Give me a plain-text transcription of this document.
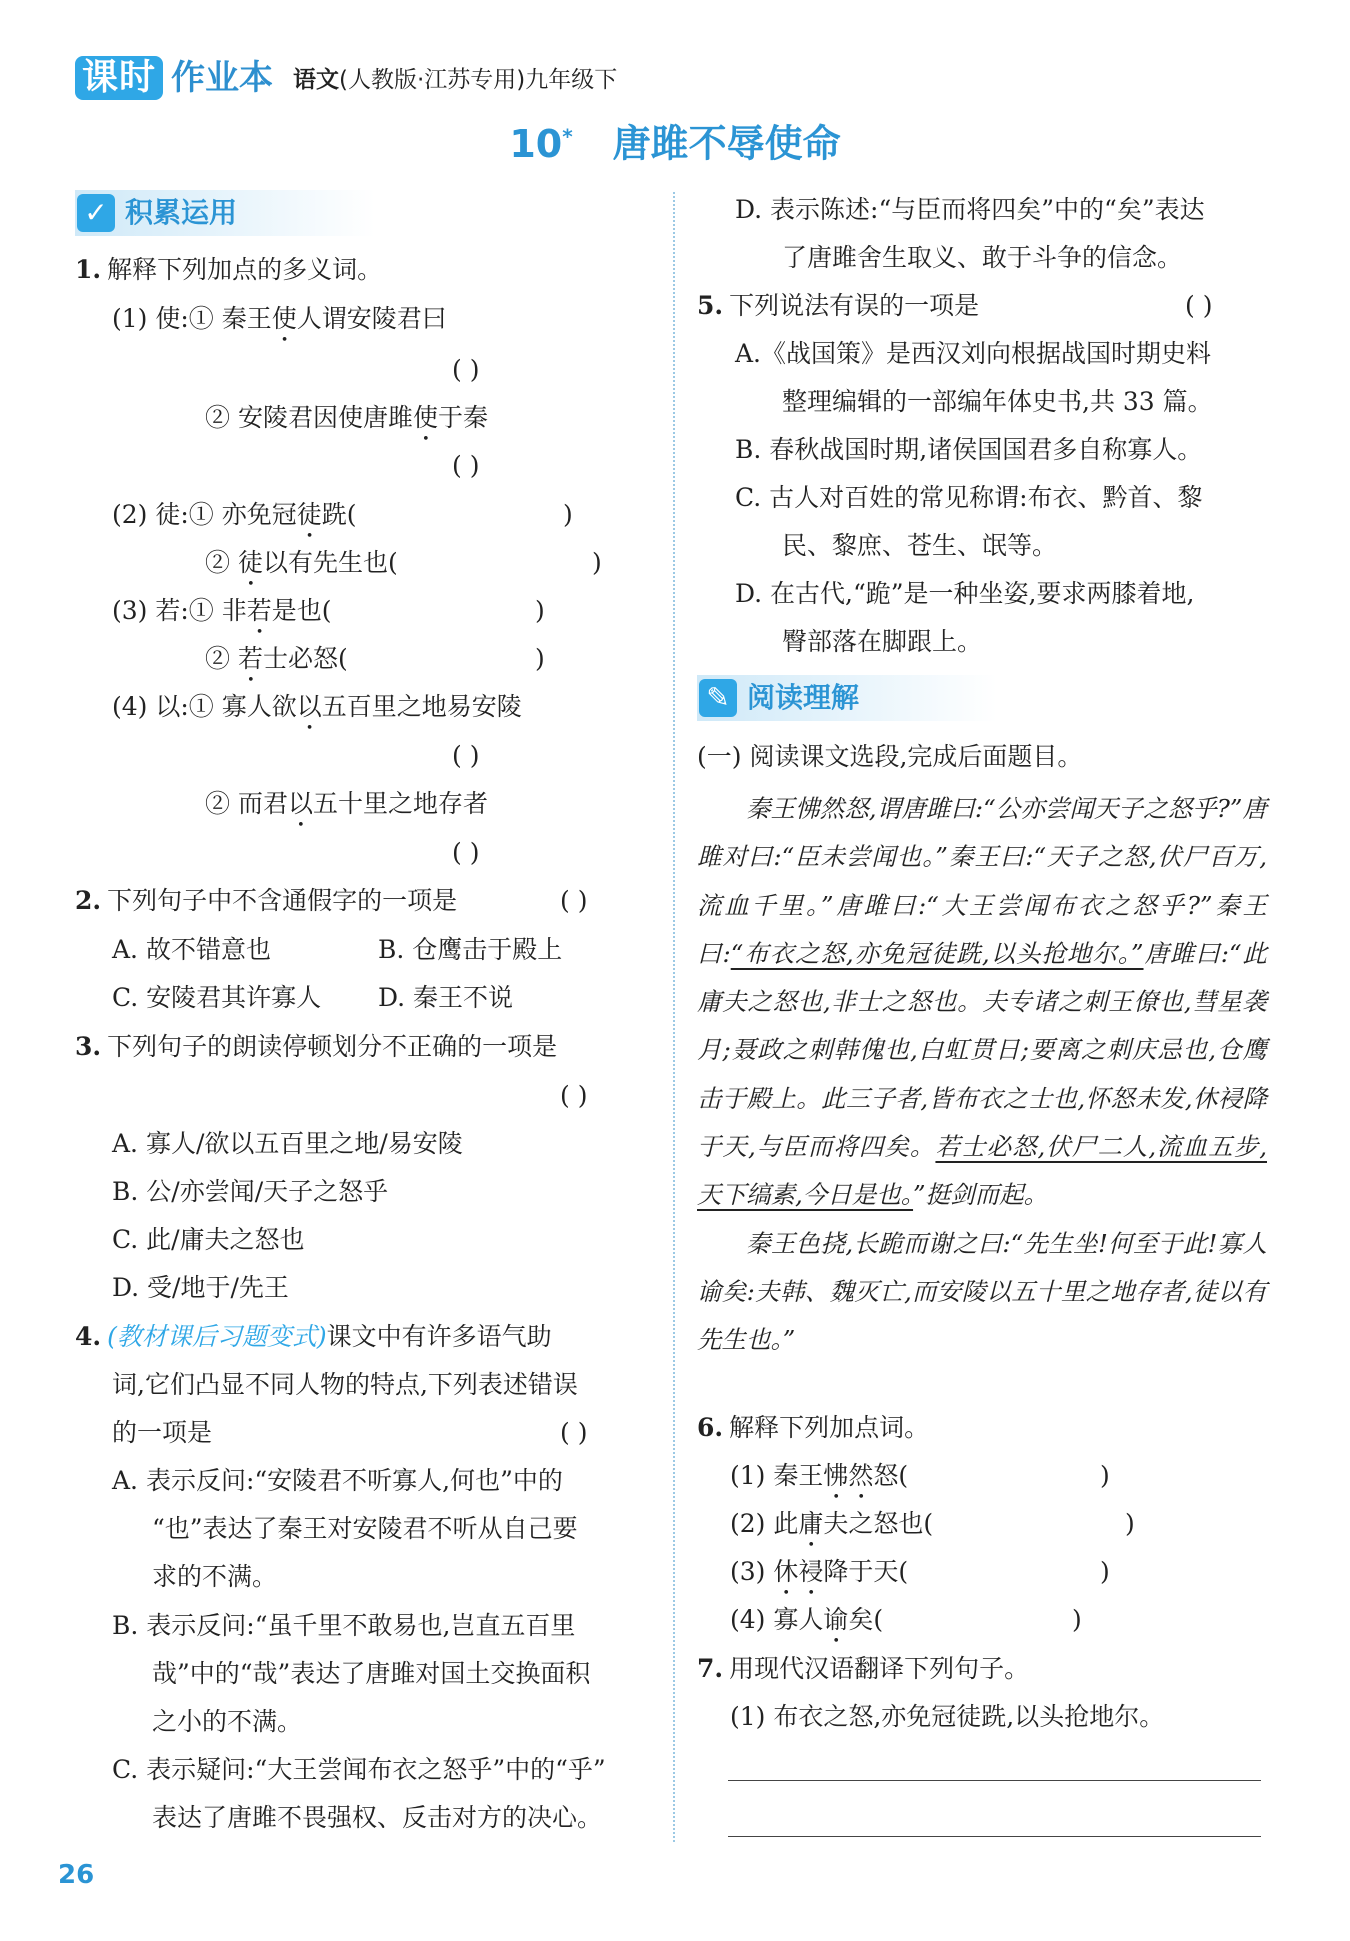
课时 作业本 语文(人教版·江苏专用)九年级下
10* 唐雎不辱使命
✓ 积累运用
1. 解释下列加点的多义词。
(1) 使:① 秦王使人谓安陵君曰
( )
② 安陵君因使唐雎使于秦
( )
(2) 徒:① 亦免冠徒跣(	)
② 徒以有先生也(	)
(3) 若:① 非若是也(	)
② 若士必怒(	)
(4) 以:① 寡人欲以五百里之地易安陵
( )
② 而君以五十里之地存者
( )
2. 下列句子中不含通假字的一项是	( )
A. 故不错意也	B. 仓鹰击于殿上
C. 安陵君其许寡人 D. 秦王不说
3. 下列句子的朗读停顿划分不正确的一项是
( )
A. 寡人/欲以五百里之地/易安陵
B. 公/亦尝闻/天子之怒乎
C. 此/庸夫之怒也
D. 受/地于/先王
4. (教材课后习题变式)课文中有许多语气助
词,它们凸显不同人物的特点,下列表述错误
的一项是	( )
A. 表示反问:“安陵君不听寡人,何也”中的
“也”表达了秦王对安陵君不听从自己要
求的不满。
B. 表示反问:“虽千里不敢易也,岂直五百里
哉”中的“哉”表达了唐雎对国土交换面积
之小的不满。
C. 表示疑问:“大王尝闻布衣之怒乎”中的“乎”
表达了唐雎不畏强权、反击对方的决心。
D. 表示陈述:“与臣而将四矣”中的“矣”表达
了唐雎舍生取义、敢于斗争的信念。
5. 下列说法有误的一项是	( )
A.《战国策》是西汉刘向根据战国时期史料
整理编辑的一部编年体史书,共 33 篇。
B. 春秋战国时期,诸侯国国君多自称寡人。
C. 古人对百姓的常见称谓:布衣、黔首、黎
民、黎庶、苍生、氓等。
D. 在古代,“跪”是一种坐姿,要求两膝着地,
臀部落在脚跟上。
✎ 阅读理解
(一) 阅读课文选段,完成后面题目。

秦王怫然怒,谓唐雎曰:“公亦尝闻天子之怒乎?”唐雎对曰:“臣未尝闻也。”秦王曰:“天子之怒,伏尸百万,流血千里。”唐雎曰:“大王尝闻布衣之怒乎?”秦王曰:“布衣之怒,亦免冠徒跣,以头抢地尔。”唐雎曰:“此庸夫之怒也,非士之怒也。夫专诸之刺王僚也,彗星袭月;聂政之刺韩傀也,白虹贯日;要离之刺庆忌也,仓鹰击于殿上。此三子者,皆布衣之士也,怀怒未发,休祲降于天,与臣而将四矣。若士必怒,伏尸二人,流血五步,天下缟素,今日是也。”挺剑而起。

秦王色挠,长跪而谢之曰:“先生坐!何至于此!寡人谕矣:夫韩、魏灭亡,而安陵以五十里之地存者,徒以有先生也。”

6. 解释下列加点词。
(1) 秦王怫然怒(	)
(2) 此庸夫之怒也(	)
(3) 休祲降于天(	)
(4) 寡人谕矣(	)
7. 用现代汉语翻译下列句子。
(1) 布衣之怒,亦免冠徒跣,以头抢地尔。
26
